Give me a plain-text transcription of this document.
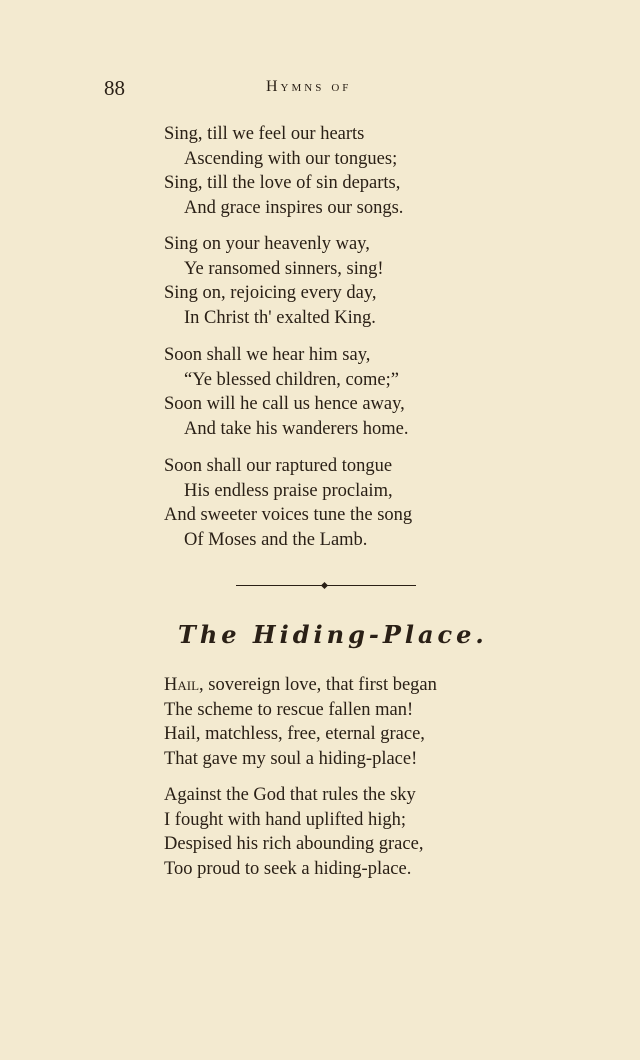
88	Hymns of
Sing, till we feel our hearts
Ascending with our tongues;
Sing, till the love of sin departs,
And grace inspires our songs.
Sing on your heavenly way,
Ye ransomed sinners, sing!
Sing on, rejoicing every day,
In Christ th' exalted King.
Soon shall we hear him say,
“Ye blessed children, come;”
Soon will he call us hence away,
And take his wanderers home.
Soon shall our raptured tongue
His endless praise proclaim,
And sweeter voices tune the song
Of Moses and the Lamb.
The Hiding-Place.
Hail, sovereign love, that first began
The scheme to rescue fallen man!
Hail, matchless, free, eternal grace,
That gave my soul a hiding-place!
Against the God that rules the sky
I fought with hand uplifted high;
Despised his rich abounding grace,
Too proud to seek a hiding-place.
